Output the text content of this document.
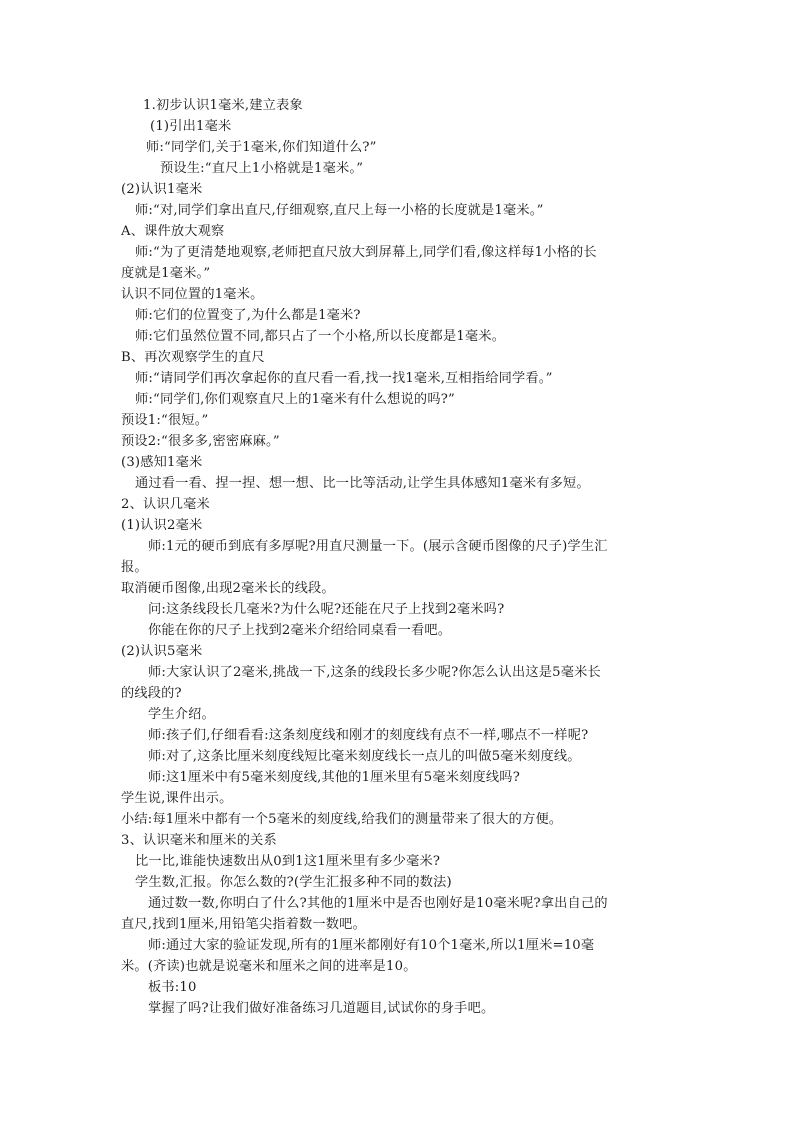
1.初步认识1毫米,建立表象
(1)引出1毫米
师:“同学们,关于1毫米,你们知道什么?”
预设生:“直尺上1小格就是1毫米。”
(2)认识1毫米
师:“对,同学们拿出直尺,仔细观察,直尺上每一小格的长度就是1毫米。”
A、课件放大观察
师:“为了更清楚地观察,老师把直尺放大到屏幕上,同学们看,像这样每1小格的长
度就是1毫米。”
认识不同位置的1毫米。
师:它们的位置变了,为什么都是1毫米?
师:它们虽然位置不同,都只占了一个小格,所以长度都是1毫米。
B、再次观察学生的直尺
师:“请同学们再次拿起你的直尺看一看,找一找1毫米,互相指给同学看。”
师:“同学们,你们观察直尺上的1毫米有什么想说的吗?”
预设1:“很短。”
预设2:“很多多,密密麻麻。”
(3)感知1毫米
通过看一看、捏一捏、想一想、比一比等活动,让学生具体感知1毫米有多短。
2、认识几毫米
(1)认识2毫米
师:1元的硬币到底有多厚呢?用直尺测量一下。(展示含硬币图像的尺子)学生汇
报。
取消硬币图像,出现2毫米长的线段。
问:这条线段长几毫米?为什么呢?还能在尺子上找到2毫米吗?
你能在你的尺子上找到2毫米介绍给同桌看一看吧。
(2)认识5毫米
师:大家认识了2毫米,挑战一下,这条的线段长多少呢?你怎么认出这是5毫米长
的线段的?
学生介绍。
师:孩子们,仔细看看:这条刻度线和刚才的刻度线有点不一样,哪点不一样呢?
师:对了,这条比厘米刻度线短比毫米刻度线长一点儿的叫做5毫米刻度线。
师:这1厘米中有5毫米刻度线,其他的1厘米里有5毫米刻度线吗?
学生说,课件出示。
小结:每1厘米中都有一个5毫米的刻度线,给我们的测量带来了很大的方便。
3、认识毫米和厘米的关系
比一比,谁能快速数出从0到1这1厘米里有多少毫米?
学生数,汇报。你怎么数的?(学生汇报多种不同的数法)
通过数一数,你明白了什么?其他的1厘米中是否也刚好是10毫米呢?拿出自己的
直尺,找到1厘米,用铅笔尖指着数一数吧。
师:通过大家的验证发现,所有的1厘米都刚好有10个1毫米,所以1厘米=10毫
米。(齐读)也就是说毫米和厘米之间的进率是10。
板书:10
掌握了吗?让我们做好准备练习几道题目,试试你的身手吧。
